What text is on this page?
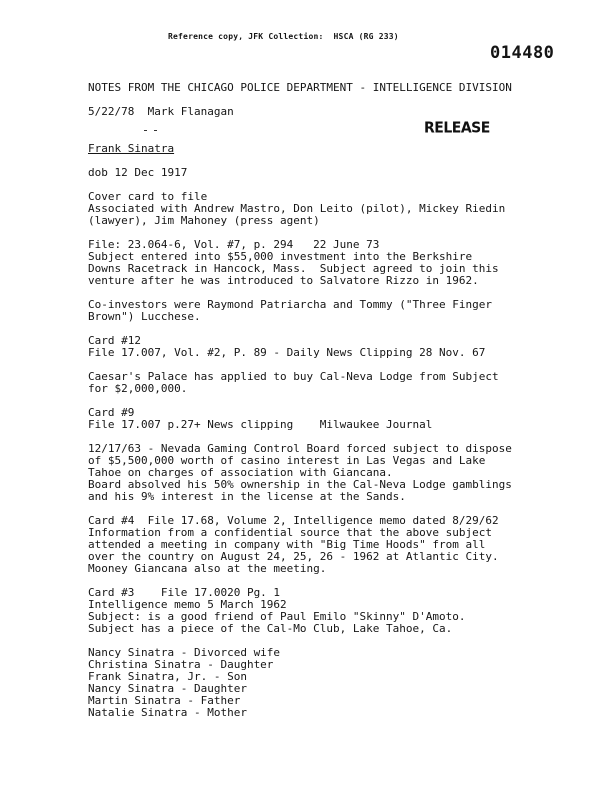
Reference copy, JFK Collection:  HSCA (RG 233)
014480
NOTES FROM THE CHICAGO POLICE DEPARTMENT - INTELLIGENCE DIVISION
5/22/78  Mark Flanagan
RELEASE
Frank Sinatra
dob 12 Dec 1917
Cover card to file
Associated with Andrew Mastro, Don Leito (pilot), Mickey Riedin
(lawyer), Jim Mahoney (press agent)
File: 23.064-6, Vol. #7, p. 294   22 June 73
Subject entered into $55,000 investment into the Berkshire
Downs Racetrack in Hancock, Mass.  Subject agreed to join this
venture after he was introduced to Salvatore Rizzo in 1962.
Co-investors were Raymond Patriarcha and Tommy ("Three Finger
Brown") Lucchese.
Card #12
File 17.007, Vol. #2, P. 89 - Daily News Clipping 28 Nov. 67
Caesar's Palace has applied to buy Cal-Neva Lodge from Subject
for $2,000,000.
Card #9
File 17.007 p.27+ News clipping    Milwaukee Journal
12/17/63 - Nevada Gaming Control Board forced subject to dispose
of $5,500,000 worth of casino interest in Las Vegas and Lake
Tahoe on charges of association with Giancana.
Board absolved his 50% ownership in the Cal-Neva Lodge gamblings
and his 9% interest in the license at the Sands.
Card #4  File 17.68, Volume 2, Intelligence memo dated 8/29/62
Information from a confidential source that the above subject
attended a meeting in company with "Big Time Hoods" from all
over the country on August 24, 25, 26 - 1962 at Atlantic City.
Mooney Giancana also at the meeting.
Card #3    File 17.0020 Pg. 1
Intelligence memo 5 March 1962
Subject: is a good friend of Paul Emilo "Skinny" D'Amoto.
Subject has a piece of the Cal-Mo Club, Lake Tahoe, Ca.
Nancy Sinatra - Divorced wife
Christina Sinatra - Daughter
Frank Sinatra, Jr. - Son
Nancy Sinatra - Daughter
Martin Sinatra - Father
Natalie Sinatra - Mother
